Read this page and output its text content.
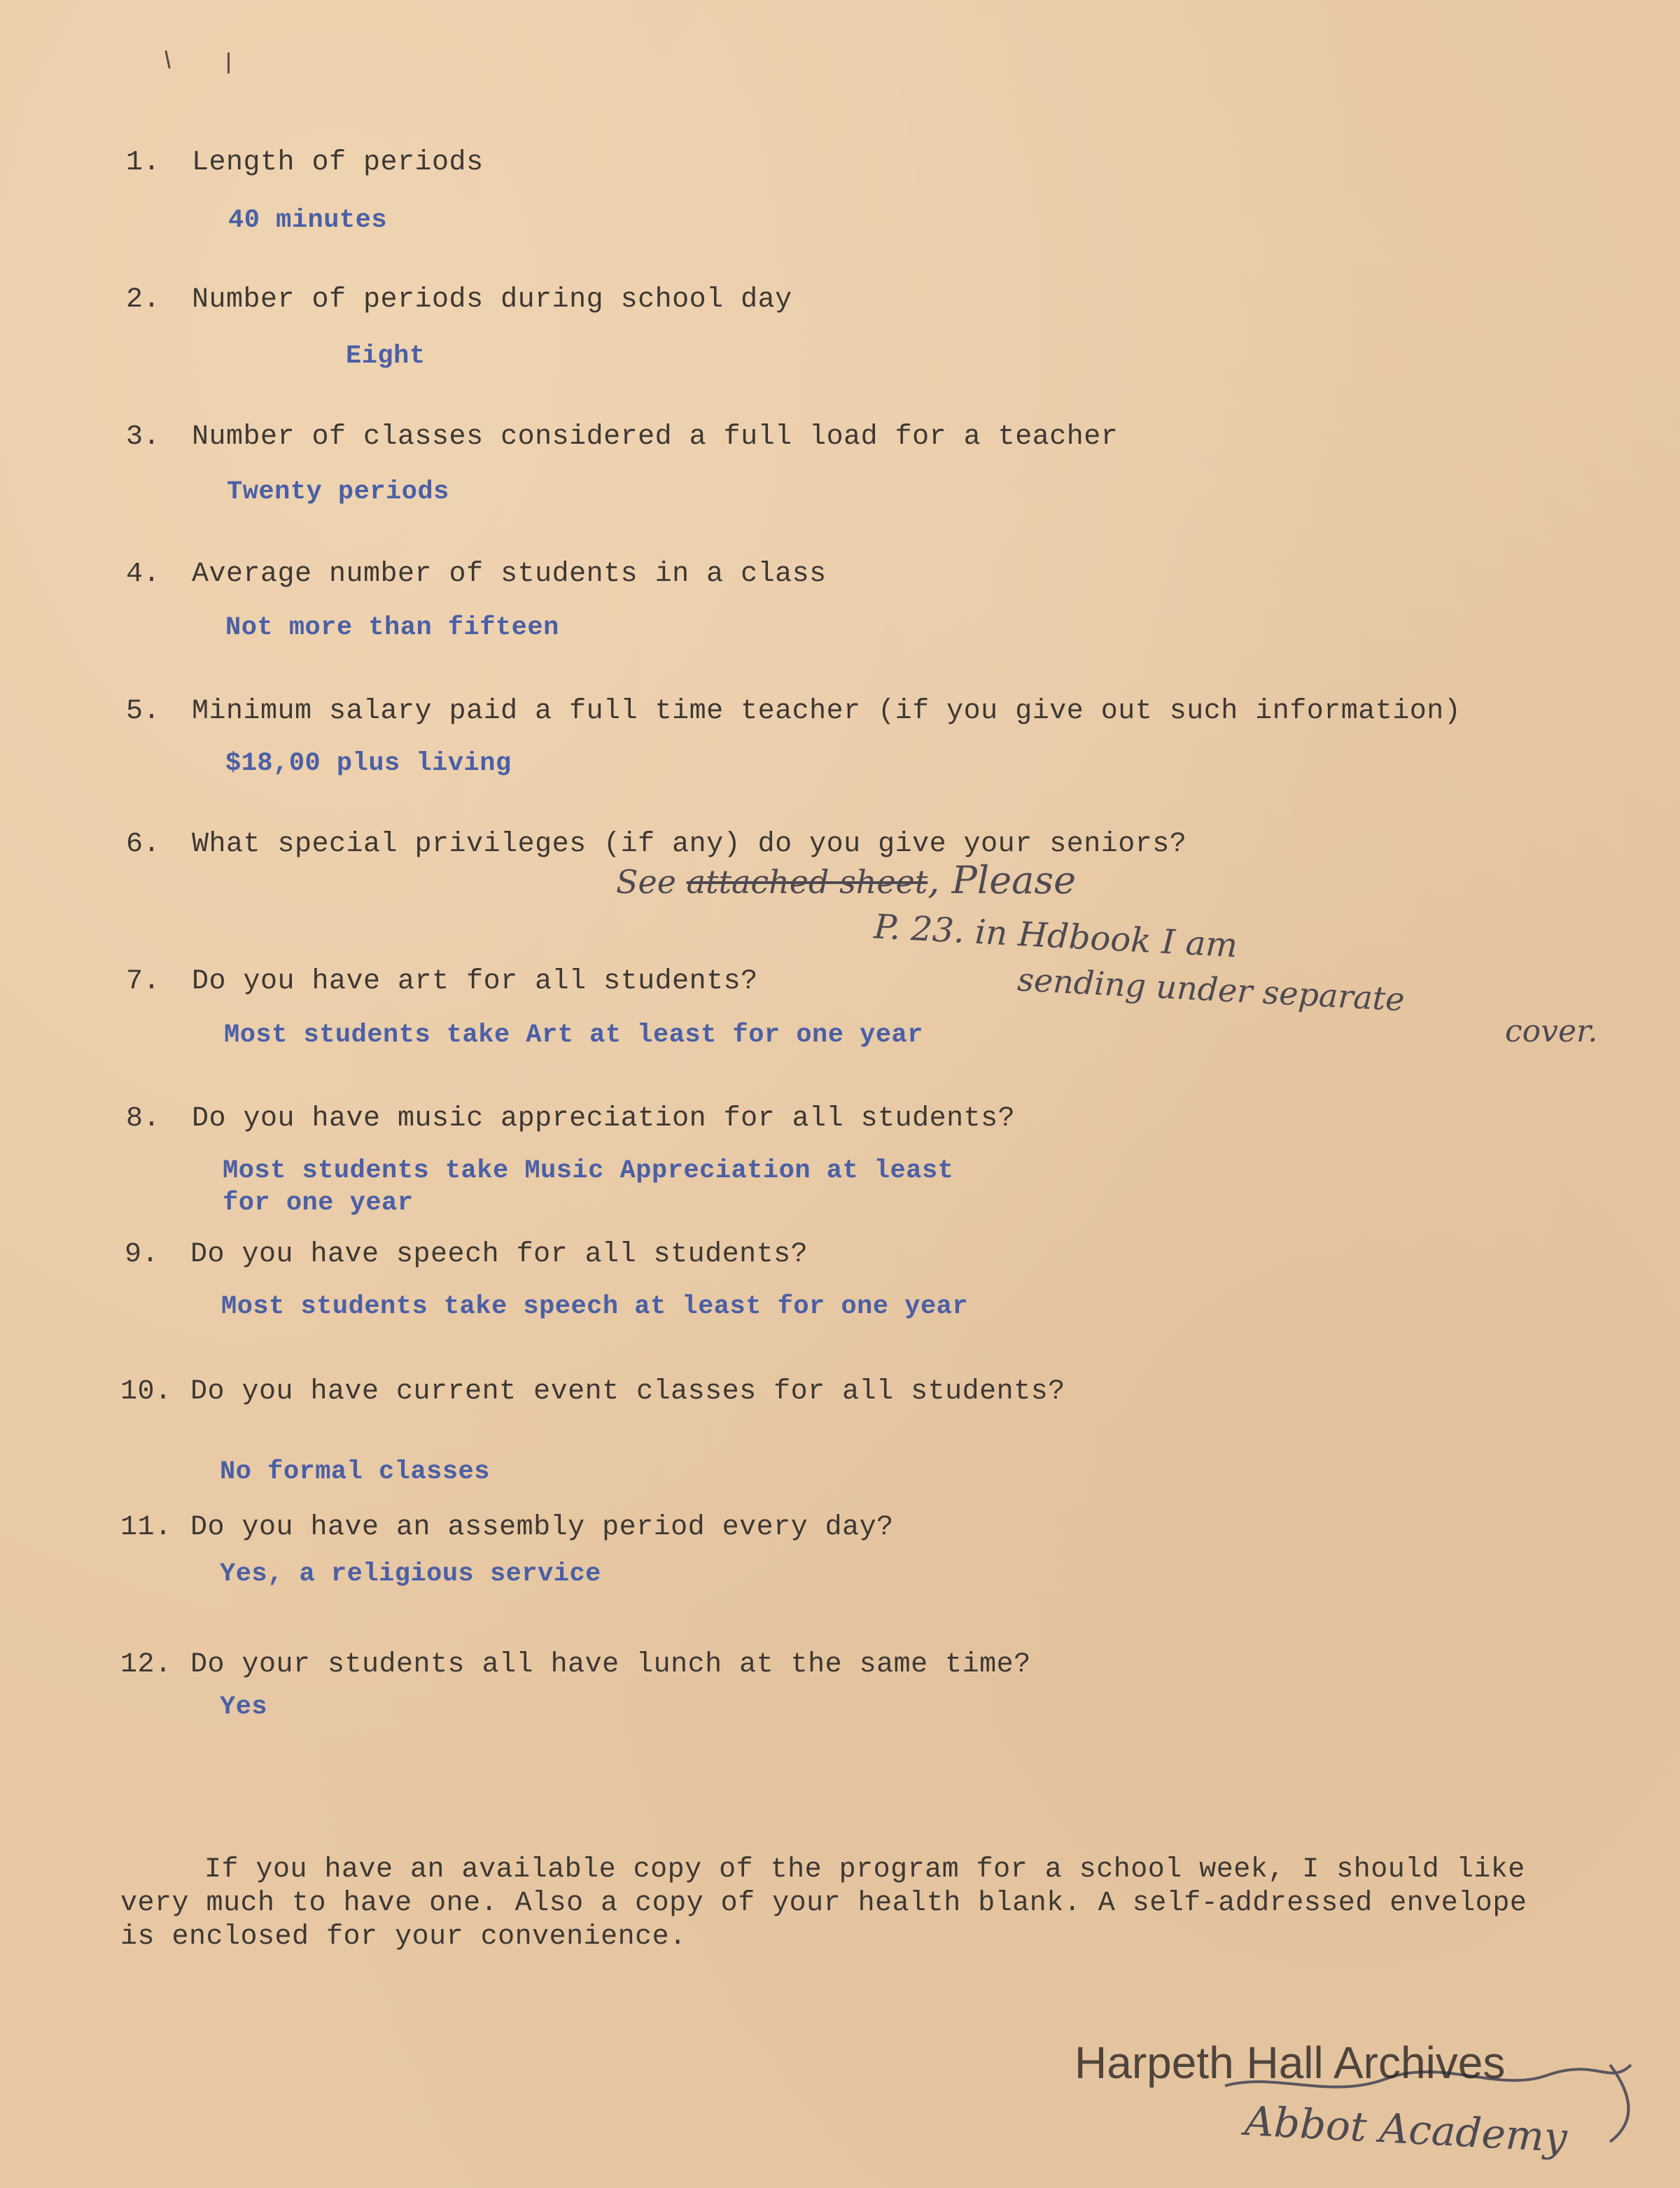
1. Length of periods
40 minutes
2. Number of periods during school day
Eight
3. Number of classes considered a full load for a teacher
Twenty periods
4. Average number of students in a class
Not more than fifteen
5. Minimum salary paid a full time teacher (if you give out such information)
$18,00 plus living
6. What special privileges (if any) do you give your seniors?
See attached sheet, Please
P. 23. in Hdbook I am
sending under separate
cover.
7. Do you have art for all students?
Most students take Art at least for one year
8. Do you have music appreciation for all students?
Most students take Music Appreciation at least
for one year
9. Do you have speech for all students?
Most students take speech at least for one year
10. Do you have current event classes for all students?
No formal classes
11. Do you have an assembly period every day?
Yes, a religious service
12. Do your students all have lunch at the same time?
Yes
If you have an available copy of the program for a school week, I should like very much to have one. Also a copy of your health blank. A self-addressed envelope is enclosed for your convenience.
Abbot Academy
Harpeth Hall Archives
